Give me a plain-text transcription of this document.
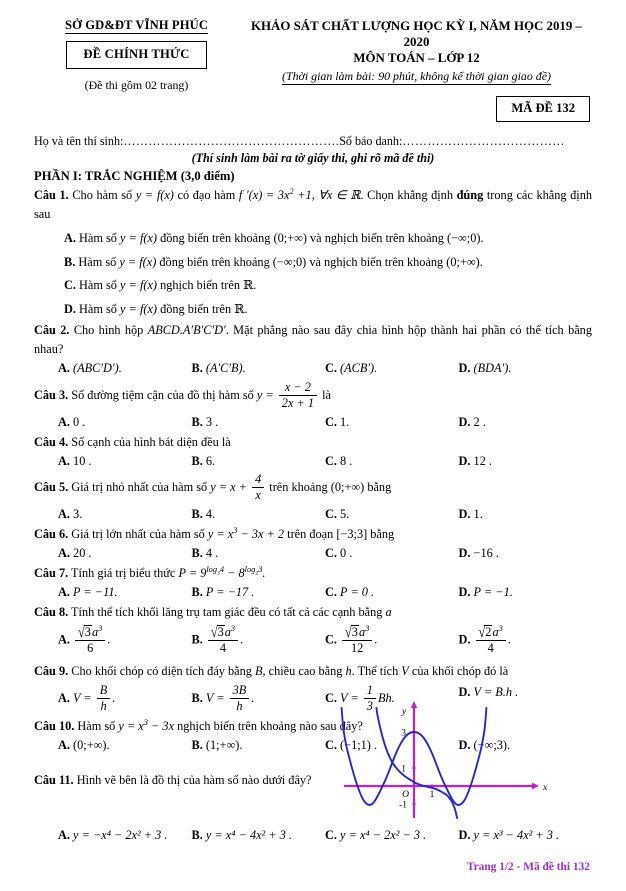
SỞ GD&ĐT VĨNH PHÚC
ĐỀ CHÍNH THỨC
(Đề thi gồm 02 trang)
KHẢO SÁT CHẤT LƯỢNG HỌC KỲ I, NĂM HỌC 2019 – 2020
MÔN TOÁN – LỚP 12
(Thời gian làm bài: 90 phút, không kể thời gian giao đề)
MÃ ĐỀ 132
Họ và tên thí sinh:…………………………………………….Số báo danh:…………………………………
(Thí sinh làm bài ra tờ giấy thi, ghi rõ mã đề thi)
PHẦN I: TRẮC NGHIỆM (3,0 điểm)
Câu 1. Cho hàm số y = f(x) có đạo hàm f $'(x) = 3x^2 +1$, ∀x ∈ ℝ. Chọn khẳng định đúng trong các khẳng định sau
A. Hàm số y = f(x) đồng biến trên khoảng (0;+∞) và nghịch biến trên khoảng (−∞;0).
B. Hàm số y = f(x) đồng biến trên khoảng (−∞;0) và nghịch biến trên khoảng (0;+∞).
C. Hàm số y = f(x) nghịch biến trên ℝ.
D. Hàm số y = f(x) đồng biến trên ℝ.
Câu 2. Cho hình hộp ABCD.A′B′C′D′. Mặt phẳng nào sau đây chia hình hộp thành hai phần có thể tích bằng nhau?
A. (ABC′D′).	B. (A′C′B).	C. (ACB′).	D. (BDA′).
Câu 3. Số đường tiệm cận của đồ thị hàm số $y = \frac{x - 2}{2x + 1}$ là
A. 0 .	B. 3 .	C. 1.	D. 2 .
Câu 4. Số cạnh của hình bát diện đều là
A. 10 .	B. 6.	C. 8 .	D. 12 .
Câu 5. Giá trị nhỏ nhất của hàm số $y = x + \frac{4}{x}$ trên khoảng (0;+∞) bằng
A. 3.	B. 4.	C. 5.	D. 1.
Câu 6. Giá trị lớn nhất của hàm số $y = x^3 - 3x + 2$ trên đoạn [−3;3] bằng
A. 20 .	B. 4 .	C. 0 .	D. −16 .
Câu 7. Tính giá trị biểu thức $P = 9^{log_34} - 8^{log_23}$.
A. P = −11.	B. P = −17 .	C. P = 0 .	D. P = −1.
Câu 8. Tính thể tích khối lăng trụ tam giác đều có tất cả các cạnh bằng a
A. $\frac{√3a^3}{6}$ .	B. $\frac{√3a^3}{4}$ .	C. $\frac{√3a^3}{12}$ .	D. $\frac{√2a^3}{4}$ .
Câu 9. Cho khối chóp có diện tích đáy bằng B, chiều cao bằng h. Thể tích V của khối chóp đó là
A. $V = \frac{B}{h}$ .	B. $V = \frac{3B}{h}$ .	C. $V = \frac{1}{3} Bh$.	D. V = B.h .
Câu 10. Hàm số $y = x^3 - 3x$ nghịch biến trên khoảng nào sau đây?
A. (0;+∞).	B. (1;+∞).	C. (−1;1) .	D. (−∞;3).
Câu 11. Hình vẽ bên là đồ thị của hàm số nào dưới đây?
3
1
-1
O 1
y
x
A. y = −x⁴ − 2x² + 3 .	B. y = x⁴ − 4x² + 3 .	C. y = x⁴ − 2x² − 3 .	D. y = x³ − 4x² + 3 .
Trang 1/2 - Mã đề thi 132
